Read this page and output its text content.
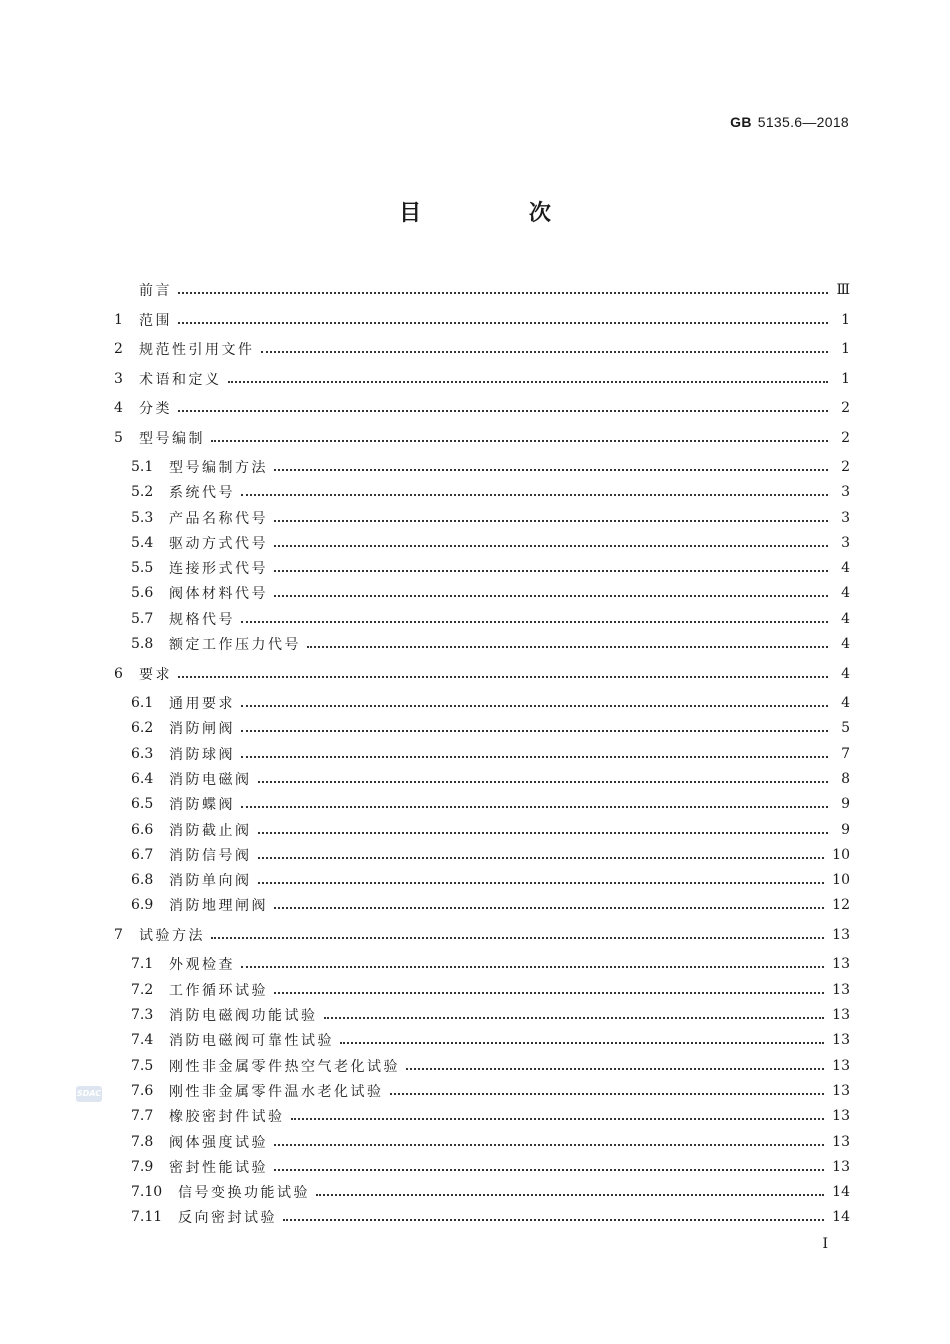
GB 5135.6—2018
目 次
前言	Ⅲ
1	范围	1
2	规范性引用文件	1
3	术语和定义	1
4	分类	2
5	型号编制	2
5.1	型号编制方法	2
5.2	系统代号	3
5.3	产品名称代号	3
5.4	驱动方式代号	3
5.5	连接形式代号	4
5.6	阀体材料代号	4
5.7	规格代号	4
5.8	额定工作压力代号	4
6	要求	4
6.1	通用要求	4
6.2	消防闸阀	5
6.3	消防球阀	7
6.4	消防电磁阀	8
6.5	消防蝶阀	9
6.6	消防截止阀	9
6.7	消防信号阀	10
6.8	消防单向阀	10
6.9	消防地理闸阀	12
7	试验方法	13
7.1	外观检查	13
7.2	工作循环试验	13
7.3	消防电磁阀功能试验	13
7.4	消防电磁阀可靠性试验	13
7.5	刚性非金属零件热空气老化试验	13
7.6	刚性非金属零件温水老化试验	13
7.7	橡胶密封件试验	13
7.8	阀体强度试验	13
7.9	密封性能试验	13
7.10	信号变换功能试验	14
7.11	反向密封试验	14
SDAC
I
